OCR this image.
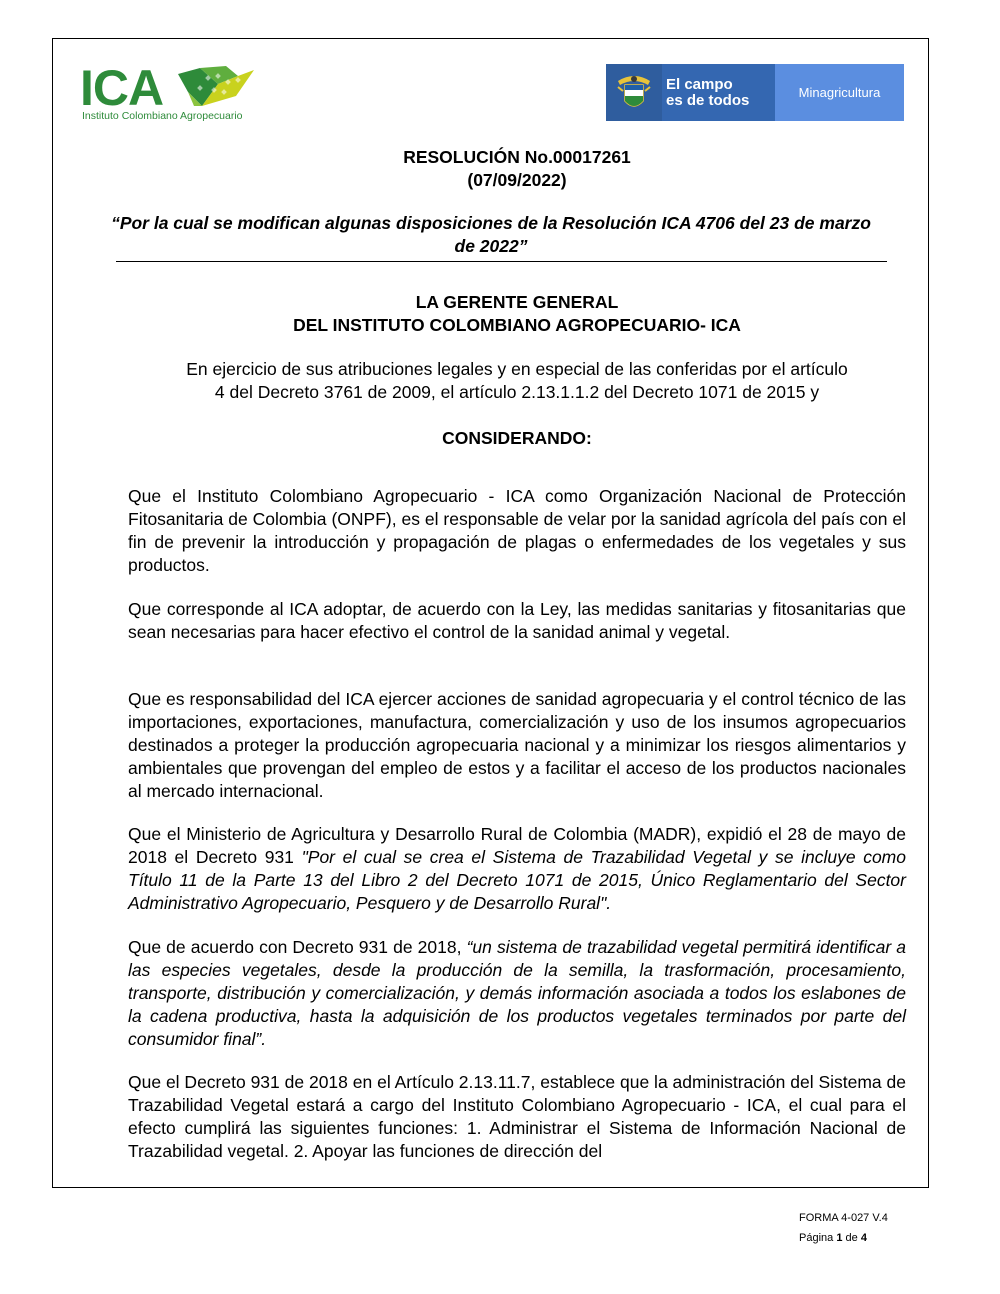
ICA
Instituto Colombiano Agropecuario
El campo
es de todos	Minagricultura
RESOLUCIÓN No.00017261
(07/09/2022)
“Por la cual se modifican algunas disposiciones de la Resolución ICA 4706 del 23 de marzo
de 2022”
LA GERENTE GENERAL
DEL INSTITUTO COLOMBIANO AGROPECUARIO- ICA
En ejercicio de sus atribuciones legales y en especial de las conferidas por el artículo
4 del Decreto 3761 de 2009, el artículo 2.13.1.1.2 del Decreto 1071 de 2015 y
CONSIDERANDO:
Que el Instituto Colombiano Agropecuario - ICA como Organización Nacional de Protección Fitosanitaria de Colombia (ONPF), es el responsable de velar por la sanidad agrícola del país con el fin de prevenir la introducción y propagación de plagas o enfermedades de los vegetales y sus productos.
Que corresponde al ICA adoptar, de acuerdo con la Ley, las medidas sanitarias y fitosanitarias que sean necesarias para hacer efectivo el control de la sanidad animal y vegetal.
Que es responsabilidad del ICA ejercer acciones de sanidad agropecuaria y el control técnico de las importaciones, exportaciones, manufactura, comercialización y uso de los insumos agropecuarios destinados a proteger la producción agropecuaria nacional y a minimizar los riesgos alimentarios y ambientales que provengan del empleo de estos y a facilitar el acceso de los productos nacionales al mercado internacional.
Que el Ministerio de Agricultura y Desarrollo Rural de Colombia (MADR), expidió el 28 de mayo de 2018 el Decreto 931 "Por el cual se crea el Sistema de Trazabilidad Vegetal y se incluye como Título 11 de la Parte 13 del Libro 2 del Decreto 1071 de 2015, Único Reglamentario del Sector Administrativo Agropecuario, Pesquero y de Desarrollo Rural".
Que de acuerdo con Decreto 931 de 2018, “un sistema de trazabilidad vegetal permitirá identificar a las especies vegetales, desde la producción de la semilla, la trasformación, procesamiento, transporte, distribución y comercialización, y demás información asociada a todos los eslabones de la cadena productiva, hasta la adquisición de los productos vegetales terminados por parte del consumidor final”.
Que el Decreto 931 de 2018 en el Artículo 2.13.11.7, establece que la administración del Sistema de Trazabilidad Vegetal estará a cargo del Instituto Colombiano Agropecuario - ICA, el cual para el efecto cumplirá las siguientes funciones: 1. Administrar el Sistema de Información Nacional de Trazabilidad vegetal. 2. Apoyar las funciones de dirección del
FORMA 4-027 V.4
Página 1 de 4
